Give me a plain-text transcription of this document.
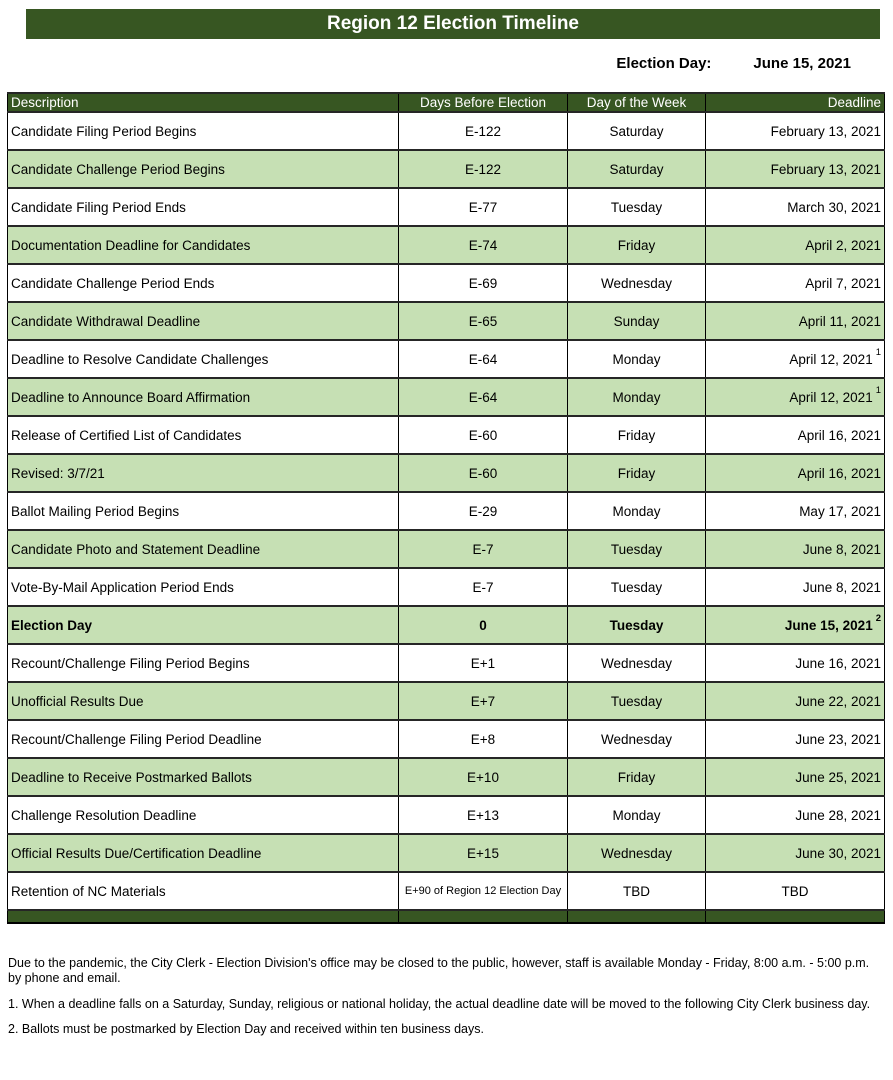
Region 12 Election Timeline
Election Day:	June 15, 2021
Description	Days Before Election	Day of the Week	Deadline
Candidate Filing Period Begins	E-122	Saturday	February 13, 2021
Candidate Challenge Period Begins	E-122	Saturday	February 13, 2021
Candidate Filing Period Ends	E-77	Tuesday	March 30, 2021
Documentation Deadline for Candidates	E-74	Friday	April 2, 2021
Candidate Challenge Period Ends	E-69	Wednesday	April 7, 2021
Candidate Withdrawal Deadline	E-65	Sunday	April 11, 2021
Deadline to Resolve Candidate Challenges	E-64	Monday	April 12, 2021 1
Deadline to Announce Board Affirmation	E-64	Monday	April 12, 2021 1
Release of Certified List of Candidates	E-60	Friday	April 16, 2021
Revised: 3/7/21	E-60	Friday	April 16, 2021
Ballot Mailing Period Begins	E-29	Monday	May 17, 2021
Candidate Photo and Statement Deadline	E-7	Tuesday	June 8, 2021
Vote-By-Mail Application Period Ends	E-7	Tuesday	June 8, 2021
Election Day	0	Tuesday	June 15, 2021 2
Recount/Challenge Filing Period Begins	E+1	Wednesday	June 16, 2021
Unofficial Results Due	E+7	Tuesday	June 22, 2021
Recount/Challenge Filing Period Deadline	E+8	Wednesday	June 23, 2021
Deadline to Receive Postmarked Ballots	E+10	Friday	June 25, 2021
Challenge Resolution Deadline	E+13	Monday	June 28, 2021
Official Results Due/Certification Deadline	E+15	Wednesday	June 30, 2021
Retention of NC Materials	E+90 of Region 12 Election Day	TBD	TBD

Due to the pandemic, the City Clerk - Election Division's office may be closed to the public, however, staff is available Monday - Friday, 8:00 a.m. - 5:00 p.m. by phone and email.

1. When a deadline falls on a Saturday, Sunday, religious or national holiday, the actual deadline date will be moved to the following City Clerk business day.

2. Ballots must be postmarked by Election Day and received within ten business days.
